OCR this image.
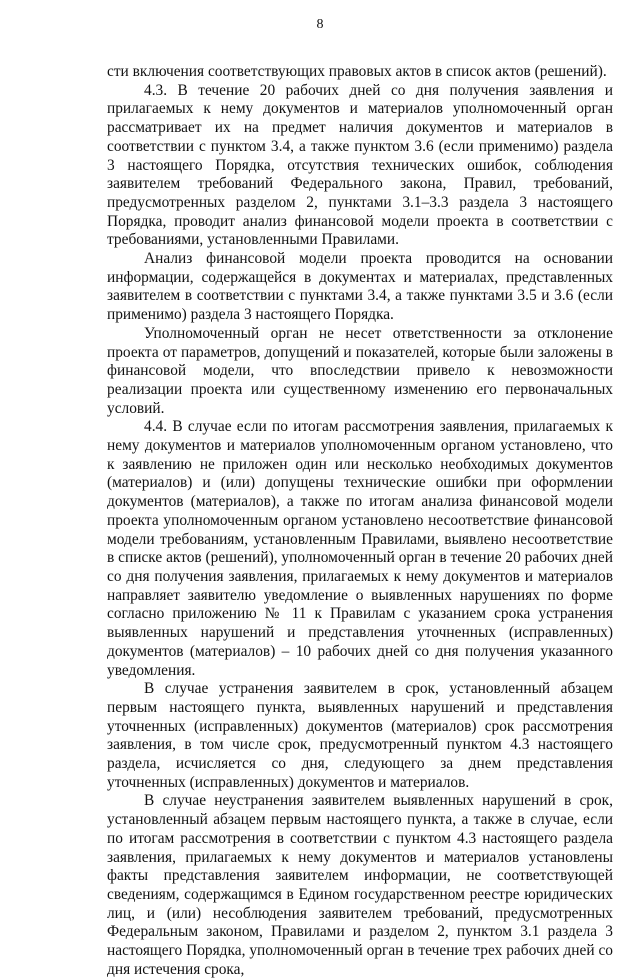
8

сти включения соответствующих правовых актов в список актов (решений).

4.3. В течение 20 рабочих дней со дня получения заявления и прилагаемых к нему документов и материалов уполномоченный орган рассматривает их на предмет наличия документов и материалов в соответствии с пунктом 3.4, а также пунктом 3.6 (если применимо) раздела 3 настоящего Порядка, отсутствия технических ошибок, соблюдения заявителем требований Федерального закона, Правил, требований, предусмотренных разделом 2, пунктами 3.1–3.3 раздела 3 настоящего Порядка, проводит анализ финансовой модели проекта в соответствии с требованиями, установленными Правилами.

Анализ финансовой модели проекта проводится на основании информации, содержащейся в документах и материалах, представленных заявителем в соответствии с пунктами 3.4, а также пунктами 3.5 и 3.6 (если применимо) раздела 3 настоящего Порядка.

Уполномоченный орган не несет ответственности за отклонение проекта от параметров, допущений и показателей, которые были заложены в финансовой модели, что впоследствии привело к невозможности реализации проекта или существенному изменению его первоначальных условий.

4.4. В случае если по итогам рассмотрения заявления, прилагаемых к нему документов и материалов уполномоченным органом установлено, что к заявлению не приложен один или несколько необходимых документов (материалов) и (или) допущены технические ошибки при оформлении документов (материалов), а также по итогам анализа финансовой модели проекта уполномоченным органом установлено несоответствие финансовой модели требованиям, установленным Правилами, выявлено несоответствие в списке актов (решений), уполномоченный орган в течение 20 рабочих дней со дня получения заявления, прилагаемых к нему документов и материалов направляет заявителю уведомление о выявленных нарушениях по форме согласно приложению № 11 к Правилам с указанием срока устранения выявленных нарушений и представления уточненных (исправленных) документов (материалов) – 10 рабочих дней со дня получения указанного уведомления.

В случае устранения заявителем в срок, установленный абзацем первым настоящего пункта, выявленных нарушений и представления уточненных (исправленных) документов (материалов) срок рассмотрения заявления, в том числе срок, предусмотренный пунктом 4.3 настоящего раздела, исчисляется со дня, следующего за днем представления уточненных (исправленных) документов и материалов.

В случае неустранения заявителем выявленных нарушений в срок, установленный абзацем первым настоящего пункта, а также в случае, если по итогам рассмотрения в соответствии с пунктом 4.3 настоящего раздела заявления, прилагаемых к нему документов и материалов установлены факты представления заявителем информации, не соответствующей сведениям, содержащимся в Едином государственном реестре юридических лиц, и (или) несоблюдения заявителем требований, предусмотренных Федеральным законом, Правилами и разделом 2, пунктом 3.1 раздела 3 настоящего Порядка, уполномоченный орган в течение трех рабочих дней со дня истечения срока,
